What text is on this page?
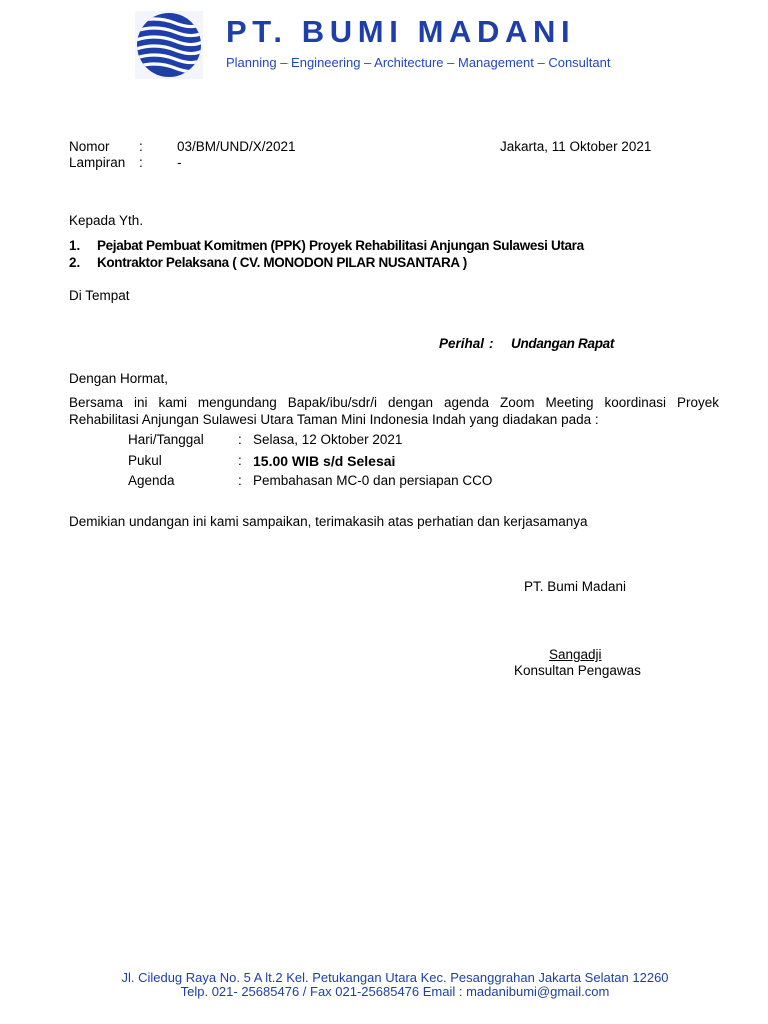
PT. BUMI MADANI
Planning – Engineering – Architecture – Management – Consultant
Nomor :	03/BM/UND/X/2021
Lampiran :	-
Jakarta, 11 Oktober 2021
Kepada Yth.
1. Pejabat Pembuat Komitmen (PPK) Proyek Rehabilitasi Anjungan Sulawesi Utara
2. Kontraktor Pelaksana ( CV. MONODON PILAR NUSANTARA )
Di Tempat
Perihal : Undangan Rapat
Dengan Hormat,
Bersama ini kami mengundang Bapak/ibu/sdr/i dengan agenda Zoom Meeting koordinasi Proyek Rehabilitasi Anjungan Sulawesi Utara Taman Mini Indonesia Indah yang diadakan pada :
Hari/Tanggal	: Selasa, 12 Oktober 2021
Pukul	: 15.00 WIB s/d Selesai
Agenda	: Pembahasan MC-0 dan persiapan CCO
Demikian undangan ini kami sampaikan, terimakasih atas perhatian dan kerjasamanya
PT. Bumi Madani
Sangadji
Konsultan Pengawas
Jl. Ciledug Raya No. 5 A lt.2 Kel. Petukangan Utara Kec. Pesanggrahan Jakarta Selatan 12260
Telp. 021- 25685476 / Fax 021-25685476 Email : madanibumi@gmail.com
